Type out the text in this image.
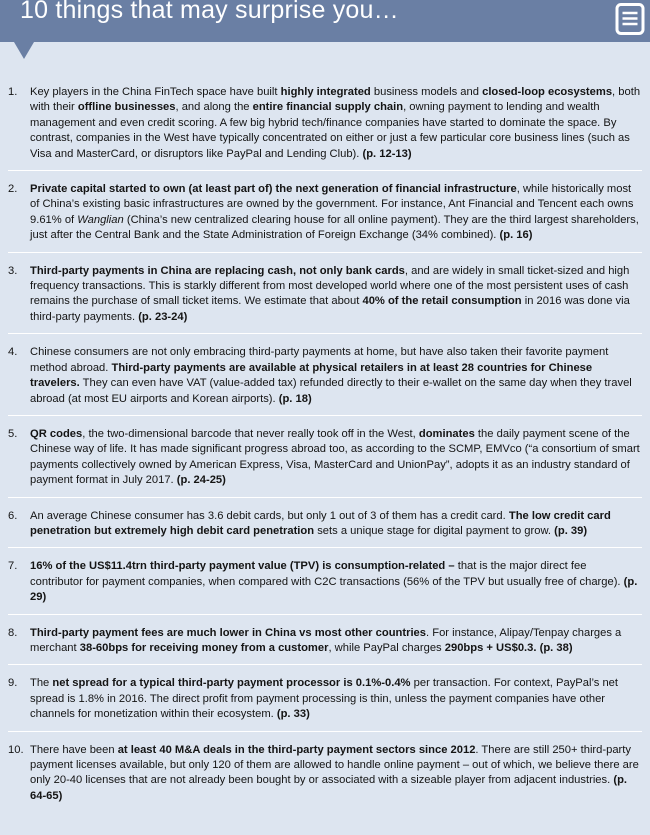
10 things that may surprise you…
1. Key players in the China FinTech space have built highly integrated business models and closed-loop ecosystems, both with their offline businesses, and along the entire financial supply chain, owning payment to lending and wealth management and even credit scoring. A few big hybrid tech/finance companies have started to dominate the space. By contrast, companies in the West have typically concentrated on either or just a few particular core business lines (such as Visa and MasterCard, or disruptors like PayPal and Lending Club). (p. 12-13)
2. Private capital started to own (at least part of) the next generation of financial infrastructure, while historically most of China’s existing basic infrastructures are owned by the government. For instance, Ant Financial and Tencent each owns 9.61% of Wanglian (China’s new centralized clearing house for all online payment). They are the third largest shareholders, just after the Central Bank and the State Administration of Foreign Exchange (34% combined). (p. 16)
3. Third-party payments in China are replacing cash, not only bank cards, and are widely in small ticket-sized and high frequency transactions. This is starkly different from most developed world where one of the most persistent uses of cash remains the purchase of small ticket items. We estimate that about 40% of the retail consumption in 2016 was done via third-party payments. (p. 23-24)
4. Chinese consumers are not only embracing third-party payments at home, but have also taken their favorite payment method abroad. Third-party payments are available at physical retailers in at least 28 countries for Chinese travelers. They can even have VAT (value-added tax) refunded directly to their e-wallet on the same day when they travel abroad (at most EU airports and Korean airports). (p. 18)
5. QR codes, the two-dimensional barcode that never really took off in the West, dominates the daily payment scene of the Chinese way of life. It has made significant progress abroad too, as according to the SCMP, EMVco (“a consortium of smart payments collectively owned by American Express, Visa, MasterCard and UnionPay”, adopts it as an industry standard of payment format in July 2017. (p. 24-25)
6. An average Chinese consumer has 3.6 debit cards, but only 1 out of 3 of them has a credit card. The low credit card penetration but extremely high debit card penetration sets a unique stage for digital payment to grow. (p. 39)
7. 16% of the US$11.4trn third-party payment value (TPV) is consumption-related – that is the major direct fee contributor for payment companies, when compared with C2C transactions (56% of the TPV but usually free of charge). (p. 29)
8. Third-party payment fees are much lower in China vs most other countries. For instance, Alipay/Tenpay charges a merchant 38-60bps for receiving money from a customer, while PayPal charges 290bps + US$0.3. (p. 38)
9. The net spread for a typical third-party payment processor is 0.1%-0.4% per transaction. For context, PayPal’s net spread is 1.8% in 2016. The direct profit from payment processing is thin, unless the payment companies have other channels for monetization within their ecosystem. (p. 33)
10. There have been at least 40 M&A deals in the third-party payment sectors since 2012. There are still 250+ third-party payment licenses available, but only 120 of them are allowed to handle online payment – out of which, we believe there are only 20-40 licenses that are not already been bought by or associated with a sizeable player from adjacent industries. (p. 64-65)
